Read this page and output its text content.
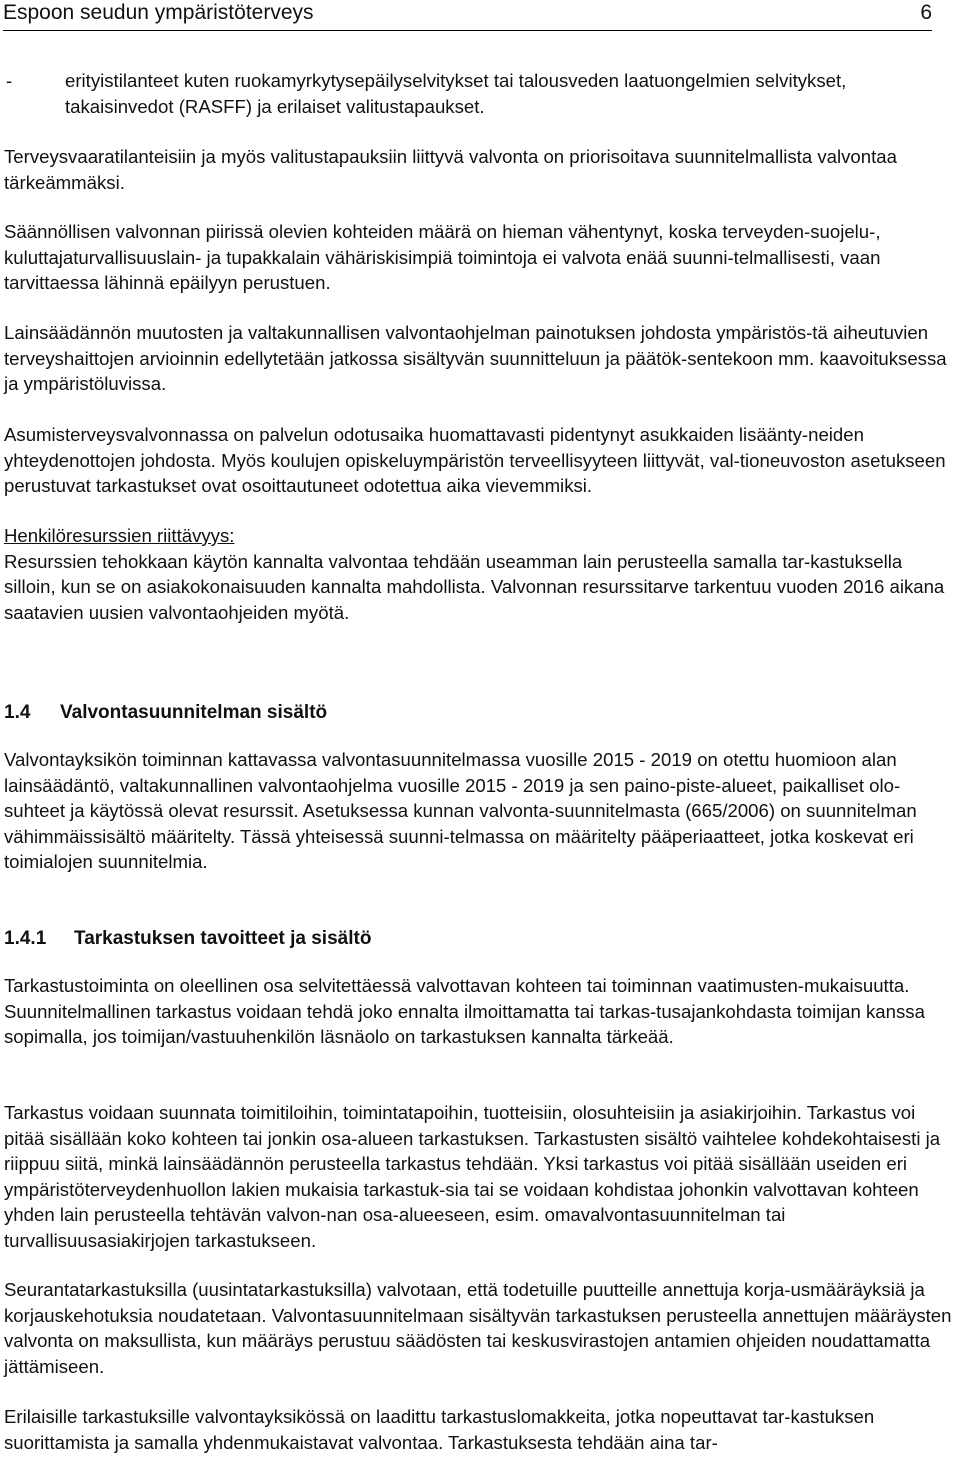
Espoon seudun ympäristöterveys	6
-	erityistilanteet kuten ruokamyrkytysepäilyselvitykset tai talousveden laatuongelmien selvitykset, takaisinvedot (RASFF) ja erilaiset valitustapaukset.

Terveysvaaratilanteisiin ja myös valitustapauksiin liittyvä valvonta on priorisoitava suunnitelmallista valvontaa tärkeämmäksi.

Säännöllisen valvonnan piirissä olevien kohteiden määrä on hieman vähentynyt, koska terveyden-suojelu-, kuluttajaturvallisuuslain- ja tupakkalain vähäriskisimpiä toimintoja ei valvota enää suunni-telmallisesti, vaan tarvittaessa lähinnä epäilyyn perustuen.

Lainsäädännön muutosten ja valtakunnallisen valvontaohjelman painotuksen johdosta ympäristös-tä aiheutuvien terveyshaittojen arvioinnin edellytetään jatkossa sisältyvän suunnitteluun ja päätök-sentekoon mm. kaavoituksessa ja ympäristöluvissa.

Asumisterveysvalvonnassa on palvelun odotusaika huomattavasti pidentynyt asukkaiden lisäänty-neiden yhteydenottojen johdosta. Myös koulujen opiskeluympäristön terveellisyyteen liittyvät, val-tioneuvoston asetukseen perustuvat tarkastukset ovat osoittautuneet odotettua aika vievemmiksi.

Henkilöresurssien riittävyys:
Resurssien tehokkaan käytön kannalta valvontaa tehdään useamman lain perusteella samalla tar-kastuksella silloin, kun se on asiakokonaisuuden kannalta mahdollista. Valvonnan resurssitarve tarkentuu vuoden 2016 aikana saatavien uusien valvontaohjeiden myötä.
1.4 Valvontasuunnitelman sisältö

Valvontayksikön toiminnan kattavassa valvontasuunnitelmassa vuosille 2015 - 2019 on otettu huomioon alan lainsäädäntö, valtakunnallinen valvontaohjelma vuosille 2015 - 2019 ja sen paino-piste-alueet, paikalliset olo-suhteet ja käytössä olevat resurssit. Asetuksessa kunnan valvonta-suunnitelmasta (665/2006) on suunnitelman vähimmäissisältö määritelty. Tässä yhteisessä suunni-telmassa on määritelty pääperiaatteet, jotka koskevat eri toimialojen suunnitelmia.

1.4.1 Tarkastuksen tavoitteet ja sisältö

Tarkastustoiminta on oleellinen osa selvitettäessä valvottavan kohteen tai toiminnan vaatimusten-mukaisuutta. Suunnitelmallinen tarkastus voidaan tehdä joko ennalta ilmoittamatta tai tarkas-tusajankohdasta toimijan kanssa sopimalla, jos toimijan/vastuuhenkilön läsnäolo on tarkastuksen kannalta tärkeää.

Tarkastus voidaan suunnata toimitiloihin, toimintatapoihin, tuotteisiin, olosuhteisiin ja asiakirjoihin. Tarkastus voi pitää sisällään koko kohteen tai jonkin osa-alueen tarkastuksen. Tarkastusten sisältö vaihtelee kohdekohtaisesti ja riippuu siitä, minkä lainsäädännön perusteella tarkastus tehdään. Yksi tarkastus voi pitää sisällään useiden eri ympäristöterveydenhuollon lakien mukaisia tarkastuk-sia tai se voidaan kohdistaa johonkin valvottavan kohteen yhden lain perusteella tehtävän valvon-nan osa-alueeseen, esim. omavalvontasuunnitelman tai turvallisuusasiakirjojen tarkastukseen.

Seurantatarkastuksilla (uusintatarkastuksilla) valvotaan, että todetuille puutteille annettuja korja-usmääräyksiä ja korjauskehotuksia noudatetaan. Valvontasuunnitelmaan sisältyvän tarkastuksen perusteella annettujen määräysten valvonta on maksullista, kun määräys perustuu säädösten tai keskusvirastojen antamien ohjeiden noudattamatta jättämiseen.

Erilaisille tarkastuksille valvontayksikössä on laadittu tarkastuslomakkeita, jotka nopeuttavat tar-kastuksen suorittamista ja samalla yhdenmukaistavat valvontaa. Tarkastuksesta tehdään aina tar-
